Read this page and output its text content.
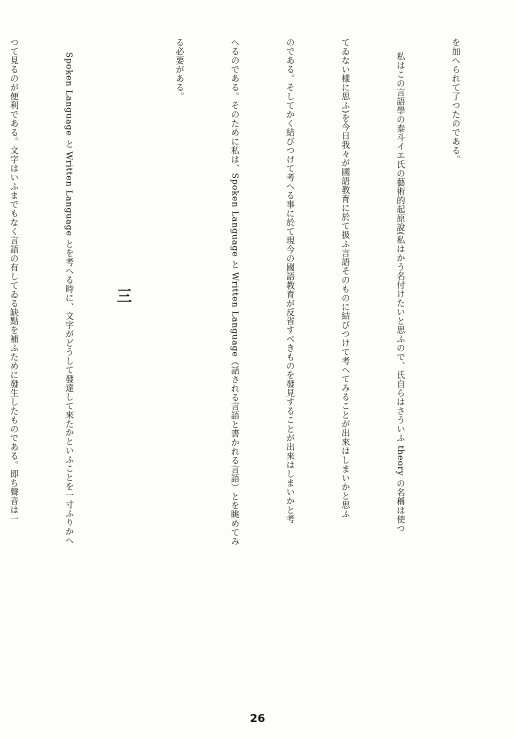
を加へられて了つたのである。

私はこの言語學の泰斗イエ氏の藝術的起原說(私はかう名付けたいと思ふので、氏自らはさういふ theory の名稱は使つ

てゐない樣に思ふ)を今日我々が國語教育に於て扱ふ言語そのものに結びつけて考へてみることが出來はしまいかと思ふ

のである。そしてかく結びつけて考へる事に於て現今の國語教育が反省すべきものを發見することが出來はしまいかと考

へるのである。そのために私は、Spoken Language と Written Language（話される言語と書かれる言語）とを眺めてみ

る必要がある。

三

Spoken Language と Written Language とを考へる時に、文字がどうして發達して來たかといふことを一寸ふりかへ

つて見るのが便利である。文字はいふまでもなく言語の有してゐる缺點を補ふために發生したものである。即ち聲音は一

26
